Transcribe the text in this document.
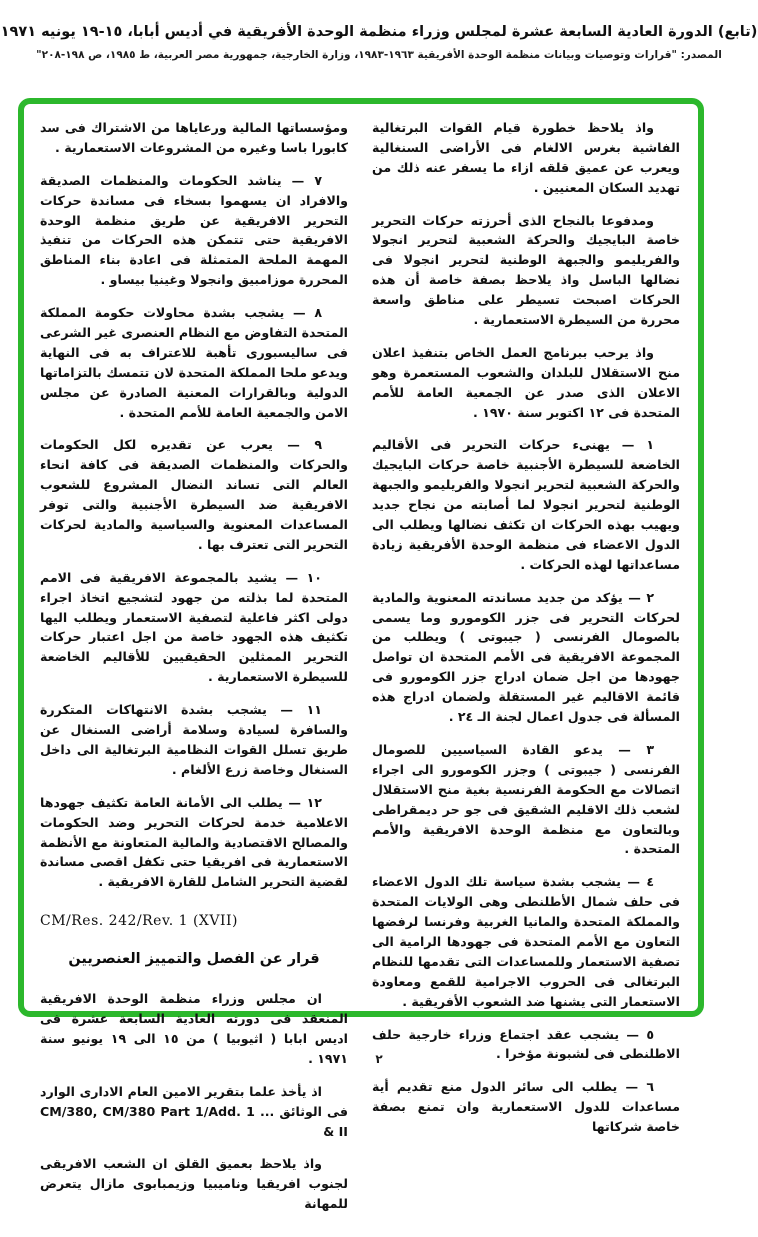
(تابع) الدورة العادية السابعة عشرة لمجلس وزراء منظمة الوحدة الأفريقية في أديس أبابا، ١٥-١٩ يونيه ١٩٧١
المصدر: "قرارات وتوصيات وبيانات منظمة الوحدة الأفريقية ١٩٦٣-١٩٨٣، وزارة الخارجية، جمهورية مصر العربية، ط ١٩٨٥، ص ١٩٨-٢٠٨"

واذ يلاحظ خطورة قيام القوات البرتغالية الفاشية بغرس الالغام فى الأراضى السنغالية ويعرب عن عميق قلقه ازاء ما يسفر عنه ذلك من تهديد السكان المعنيين .

ومدفوعا بالنجاح الذى أحرزته حركات التحرير خاصة البايجيك والحركة الشعبية لتحرير انجولا والفريليمو والجبهة الوطنية لتحرير انجولا فى نضالها الباسل واذ يلاحظ بصفة خاصة أن هذه الحركات اصبحت تسيطر على مناطق واسعة محررة من السيطرة الاستعمارية .

واذ يرحب ببرنامج العمل الخاص بتنفيذ اعلان منح الاستقلال للبلدان والشعوب المستعمرة وهو الاعلان الذى صدر عن الجمعية العامة للأمم المتحدة فى ١٢ اكتوبر سنة ١٩٧٠ .

١ — يهنىء حركات التحرير فى الأقاليم الخاضعة للسيطرة الأجنبية خاصة حركات البايجيك والحركة الشعبية لتحرير انجولا والفريليمو والجبهة الوطنية لتحرير انجولا لما أصابته من نجاح جديد ويهيب بهذه الحركات ان تكثف نضالها ويطلب الى الدول الاعضاء فى منظمة الوحدة الأفريقية زيادة مساعداتها لهذه الحركات .

٢ — يؤكد من جديد مساندته المعنوية والمادية لحركات التحرير فى جزر الكومورو وما يسمى بالصومال الفرنسى ( جيبوتى ) ويطلب من المجموعة الافريقية فى الأمم المتحدة ان تواصل جهودها من اجل ضمان ادراج جزر الكومورو فى قائمة الاقاليم غير المستقلة ولضمان ادراج هذه المسألة فى جدول اعمال لجنة الـ ٢٤ .

٣ — يدعو القادة السياسيين للصومال الفرنسى ( جيبوتى ) وجزر الكومورو الى اجراء اتصالات مع الحكومة الفرنسية بغية منح الاستقلال لشعب ذلك الاقليم الشقيق فى جو حر ديمقراطى وبالتعاون مع منظمة الوحدة الافريقية والأمم المتحدة .

٤ — يشجب بشدة سياسة تلك الدول الاعضاء فى حلف شمال الأطلنطى وهى الولايات المتحدة والمملكة المتحدة والمانيا الغربية وفرنسا لرفضها التعاون مع الأمم المتحدة فى جهودها الرامية الى تصفية الاستعمار وللمساعدات التى تقدمها للنظام البرتغالى فى الحروب الاجرامية للقمع ومعاودة الاستعمار التى يشنها ضد الشعوب الأفريقية .

٥ — يشجب عقد اجتماع وزراء خارجية حلف الاطلنطى فى لشبونة مؤخرا .

٦ — يطلب الى سائر الدول منع تقديم أية مساعدات للدول الاستعمارية وان تمنع بصفة خاصة شركاتها

ومؤسساتها المالية ورعاياها من الاشتراك فى سد كابورا باسا وغيره من المشروعات الاستعمارية .

٧ — يناشد الحكومات والمنظمات الصديقة والافراد ان يسهموا بسخاء فى مساندة حركات التحرير الافريقية عن طريق منظمة الوحدة الافريقية حتى تتمكن هذه الحركات من تنفيذ المهمة الملحة المتمثلة فى اعادة بناء المناطق المحررة موزامبيق وانجولا وغينيا بيساو .

٨ — يشجب بشدة محاولات حكومة المملكة المتحدة التفاوض مع النظام العنصرى غير الشرعى فى ساليسبورى تأهبة للاعتراف به فى النهاية ويدعو ملحا المملكة المتحدة لان تتمسك بالتزاماتها الدولية وبالقرارات المعنية الصادرة عن مجلس الامن والجمعية العامة للأمم المتحدة .

٩ — يعرب عن تقديره لكل الحكومات والحركات والمنظمات الصديقة فى كافة انحاء العالم التى تساند النضال المشروع للشعوب الافريقية ضد السيطرة الأجنبية والتى توفر المساعدات المعنوية والسياسية والمادية لحركات التحرير التى تعترف بها .

١٠ — يشيد بالمجموعة الافريقية فى الامم المتحدة لما بذلته من جهود لتشجيع اتخاذ اجراء دولى اكثر فاعلية لتصفية الاستعمار ويطلب اليها تكثيف هذه الجهود خاصة من اجل اعتبار حركات التحرير الممثلين الحقيقيين للأقاليم الخاضعة للسيطرة الاستعمارية .

١١ — يشجب بشدة الانتهاكات المتكررة والسافرة لسيادة وسلامة أراضى السنغال عن طريق تسلل القوات النظامية البرتغالية الى داخل السنغال وخاصة زرع الألغام .

١٢ — يطلب الى الأمانة العامة تكثيف جهودها الاعلامية خدمة لحركات التحرير وضد الحكومات والمصالح الاقتصادية والمالية المتعاونة مع الأنظمة الاستعمارية فى افريقيا حتى تكفل اقصى مساندة لقضية التحرير الشامل للقارة الافريقية .

CM/Res. 242/Rev. 1 (XVII)
قرار عن الفصل والتمييز العنصريين

ان مجلس وزراء منظمة الوحدة الافريقية المنعقد فى دورته العادية السابعة عشرة فى اديس ابابا ( اثيوبيا ) من ١٥ الى ١٩ يونيو سنة ١٩٧١ .

اذ يأخذ علما بتقرير الامين العام الادارى الوارد فى الوثائق ... CM/380, CM/380 Part 1/Add. 1 & II

واذ يلاحظ بعميق القلق ان الشعب الافريقى لجنوب افريقيا وناميبيا وزيمبابوى مازال يتعرض للمهانة

٢
